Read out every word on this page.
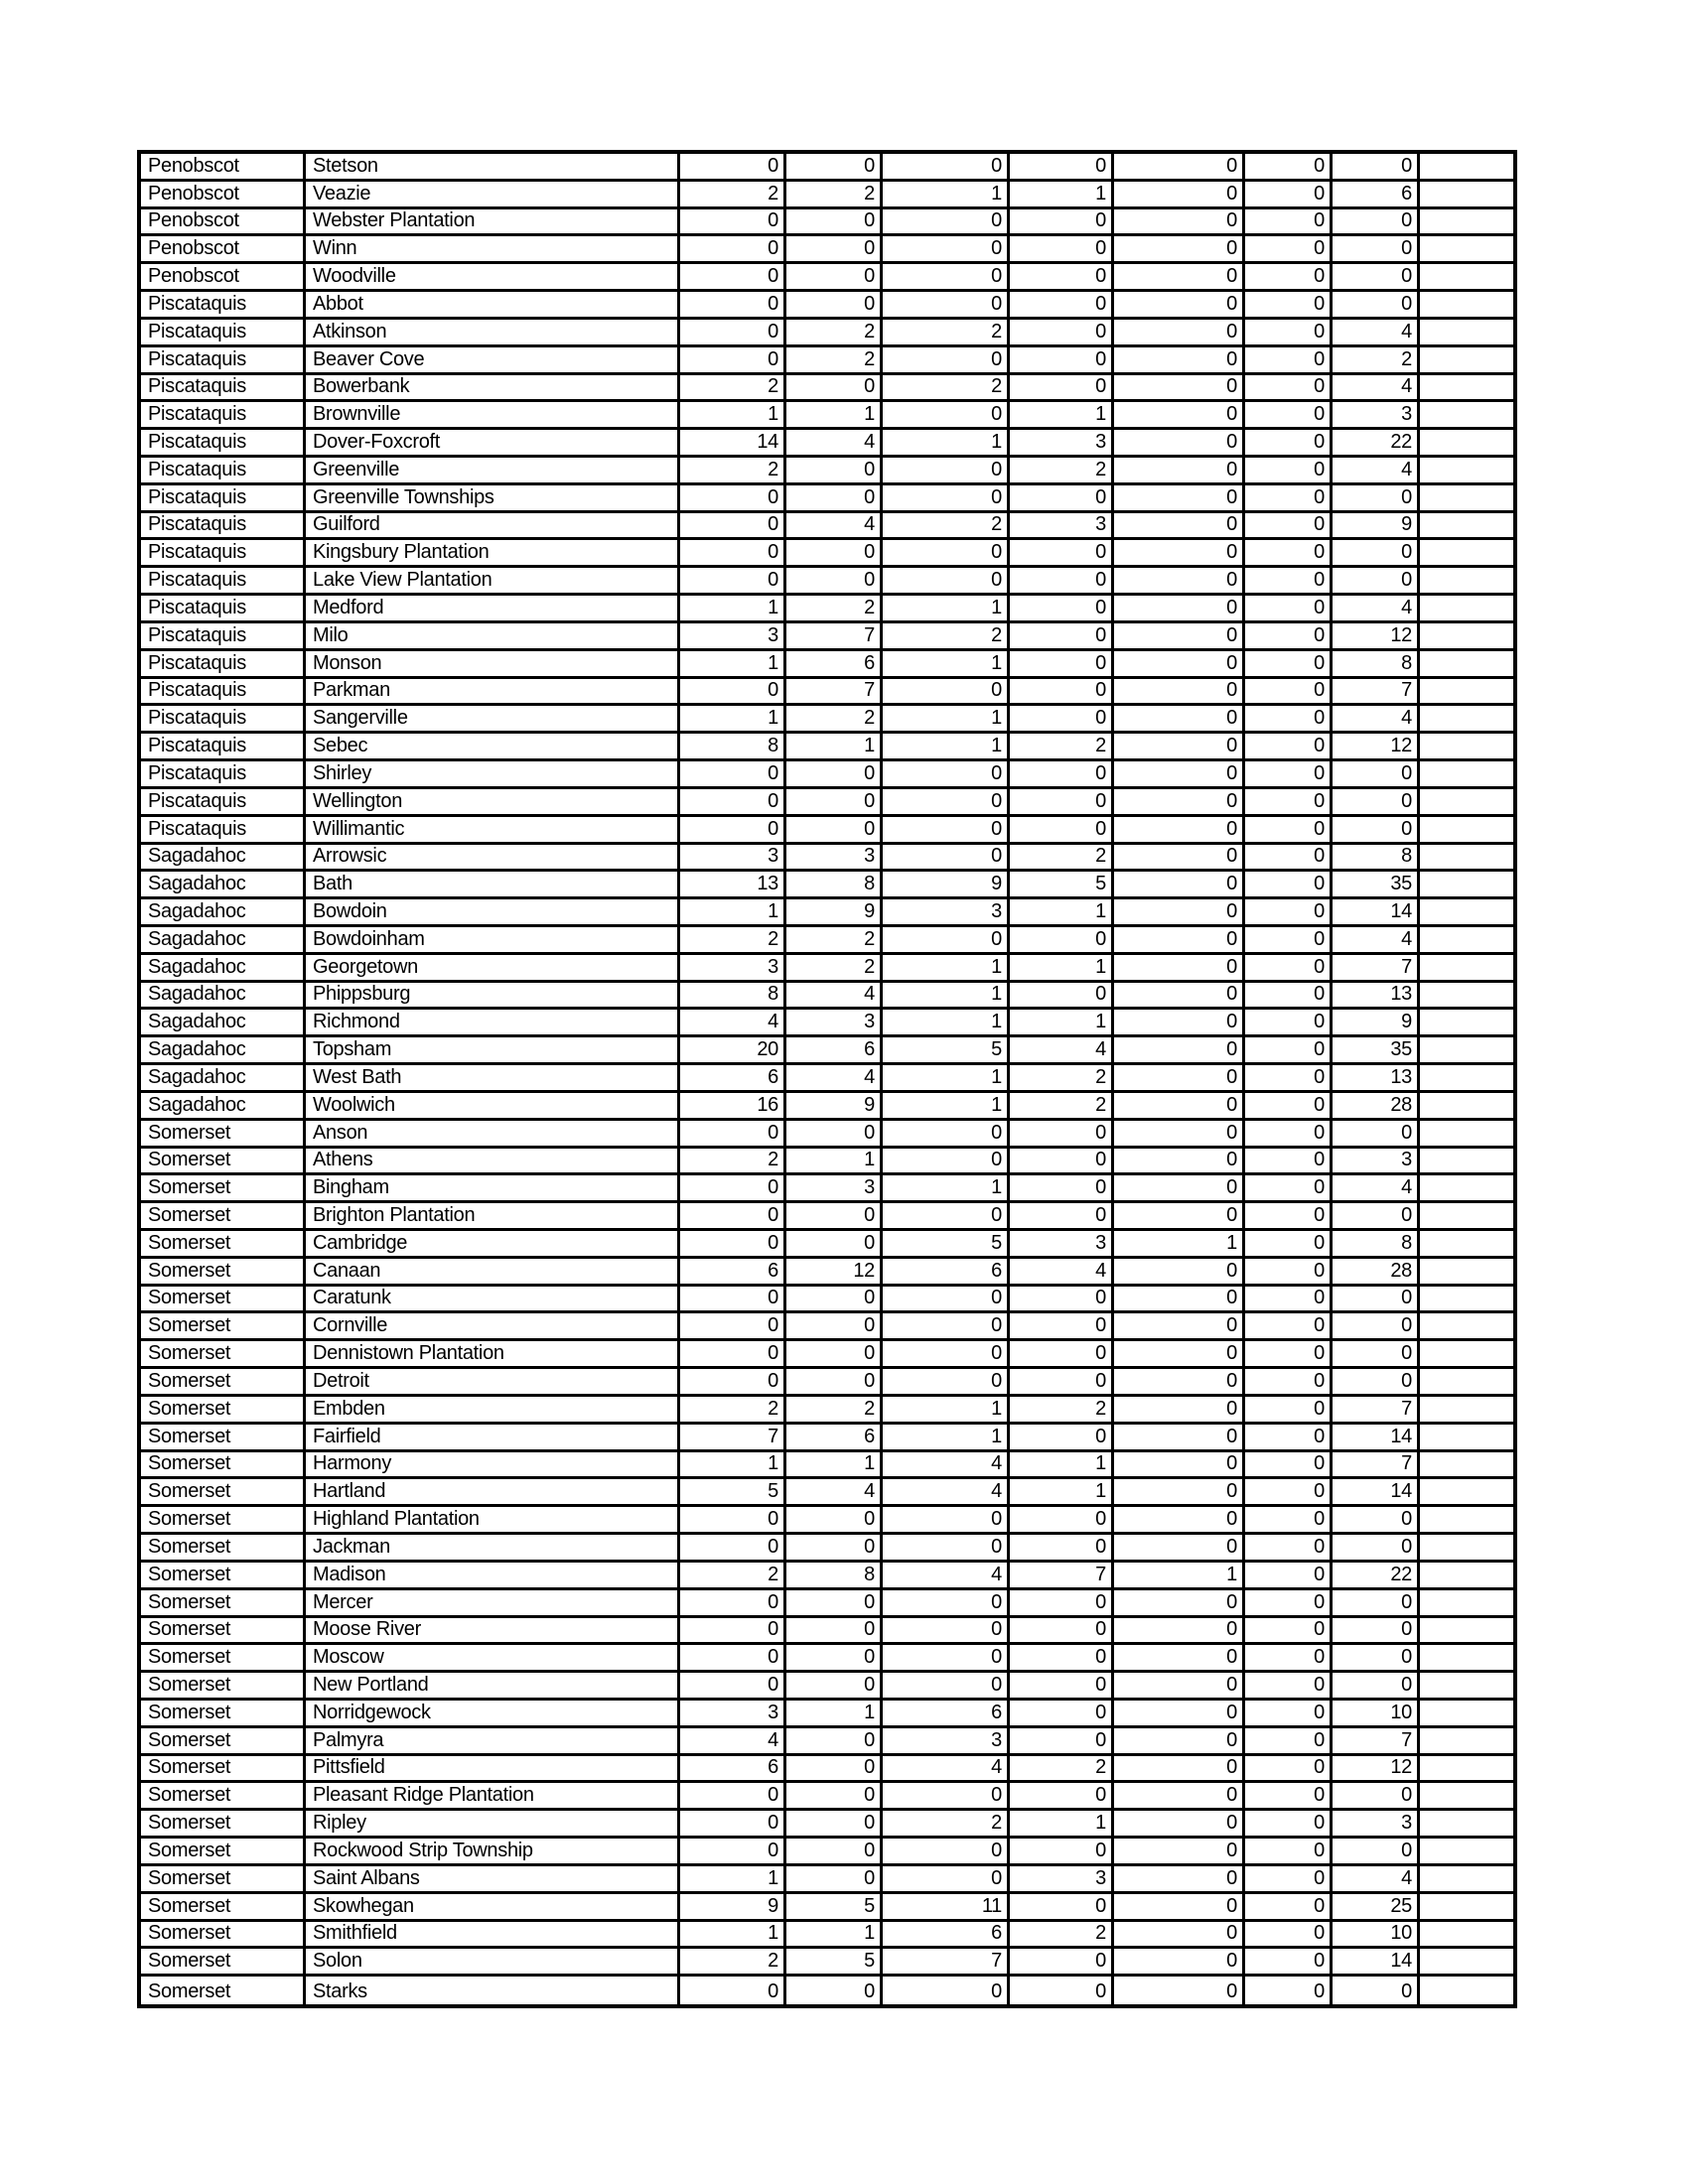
Penobscot	Stetson	0	0	0	0	0	0	0
Penobscot	Veazie	2	2	1	1	0	0	6
Penobscot	Webster Plantation	0	0	0	0	0	0	0
Penobscot	Winn	0	0	0	0	0	0	0
Penobscot	Woodville	0	0	0	0	0	0	0
Piscataquis	Abbot	0	0	0	0	0	0	0
Piscataquis	Atkinson	0	2	2	0	0	0	4
Piscataquis	Beaver Cove	0	2	0	0	0	0	2
Piscataquis	Bowerbank	2	0	2	0	0	0	4
Piscataquis	Brownville	1	1	0	1	0	0	3
Piscataquis	Dover-Foxcroft	14	4	1	3	0	0	22
Piscataquis	Greenville	2	0	0	2	0	0	4
Piscataquis	Greenville Townships	0	0	0	0	0	0	0
Piscataquis	Guilford	0	4	2	3	0	0	9
Piscataquis	Kingsbury Plantation	0	0	0	0	0	0	0
Piscataquis	Lake View Plantation	0	0	0	0	0	0	0
Piscataquis	Medford	1	2	1	0	0	0	4
Piscataquis	Milo	3	7	2	0	0	0	12
Piscataquis	Monson	1	6	1	0	0	0	8
Piscataquis	Parkman	0	7	0	0	0	0	7
Piscataquis	Sangerville	1	2	1	0	0	0	4
Piscataquis	Sebec	8	1	1	2	0	0	12
Piscataquis	Shirley	0	0	0	0	0	0	0
Piscataquis	Wellington	0	0	0	0	0	0	0
Piscataquis	Willimantic	0	0	0	0	0	0	0
Sagadahoc	Arrowsic	3	3	0	2	0	0	8
Sagadahoc	Bath	13	8	9	5	0	0	35
Sagadahoc	Bowdoin	1	9	3	1	0	0	14
Sagadahoc	Bowdoinham	2	2	0	0	0	0	4
Sagadahoc	Georgetown	3	2	1	1	0	0	7
Sagadahoc	Phippsburg	8	4	1	0	0	0	13
Sagadahoc	Richmond	4	3	1	1	0	0	9
Sagadahoc	Topsham	20	6	5	4	0	0	35
Sagadahoc	West Bath	6	4	1	2	0	0	13
Sagadahoc	Woolwich	16	9	1	2	0	0	28
Somerset	Anson	0	0	0	0	0	0	0
Somerset	Athens	2	1	0	0	0	0	3
Somerset	Bingham	0	3	1	0	0	0	4
Somerset	Brighton Plantation	0	0	0	0	0	0	0
Somerset	Cambridge	0	0	5	3	1	0	8
Somerset	Canaan	6	12	6	4	0	0	28
Somerset	Caratunk	0	0	0	0	0	0	0
Somerset	Cornville	0	0	0	0	0	0	0
Somerset	Dennistown Plantation	0	0	0	0	0	0	0
Somerset	Detroit	0	0	0	0	0	0	0
Somerset	Embden	2	2	1	2	0	0	7
Somerset	Fairfield	7	6	1	0	0	0	14
Somerset	Harmony	1	1	4	1	0	0	7
Somerset	Hartland	5	4	4	1	0	0	14
Somerset	Highland Plantation	0	0	0	0	0	0	0
Somerset	Jackman	0	0	0	0	0	0	0
Somerset	Madison	2	8	4	7	1	0	22
Somerset	Mercer	0	0	0	0	0	0	0
Somerset	Moose River	0	0	0	0	0	0	0
Somerset	Moscow	0	0	0	0	0	0	0
Somerset	New Portland	0	0	0	0	0	0	0
Somerset	Norridgewock	3	1	6	0	0	0	10
Somerset	Palmyra	4	0	3	0	0	0	7
Somerset	Pittsfield	6	0	4	2	0	0	12
Somerset	Pleasant Ridge Plantation	0	0	0	0	0	0	0
Somerset	Ripley	0	0	2	1	0	0	3
Somerset	Rockwood Strip Township	0	0	0	0	0	0	0
Somerset	Saint Albans	1	0	0	3	0	0	4
Somerset	Skowhegan	9	5	11	0	0	0	25
Somerset	Smithfield	1	1	6	2	0	0	10
Somerset	Solon	2	5	7	0	0	0	14
Somerset	Starks	0	0	0	0	0	0	0
